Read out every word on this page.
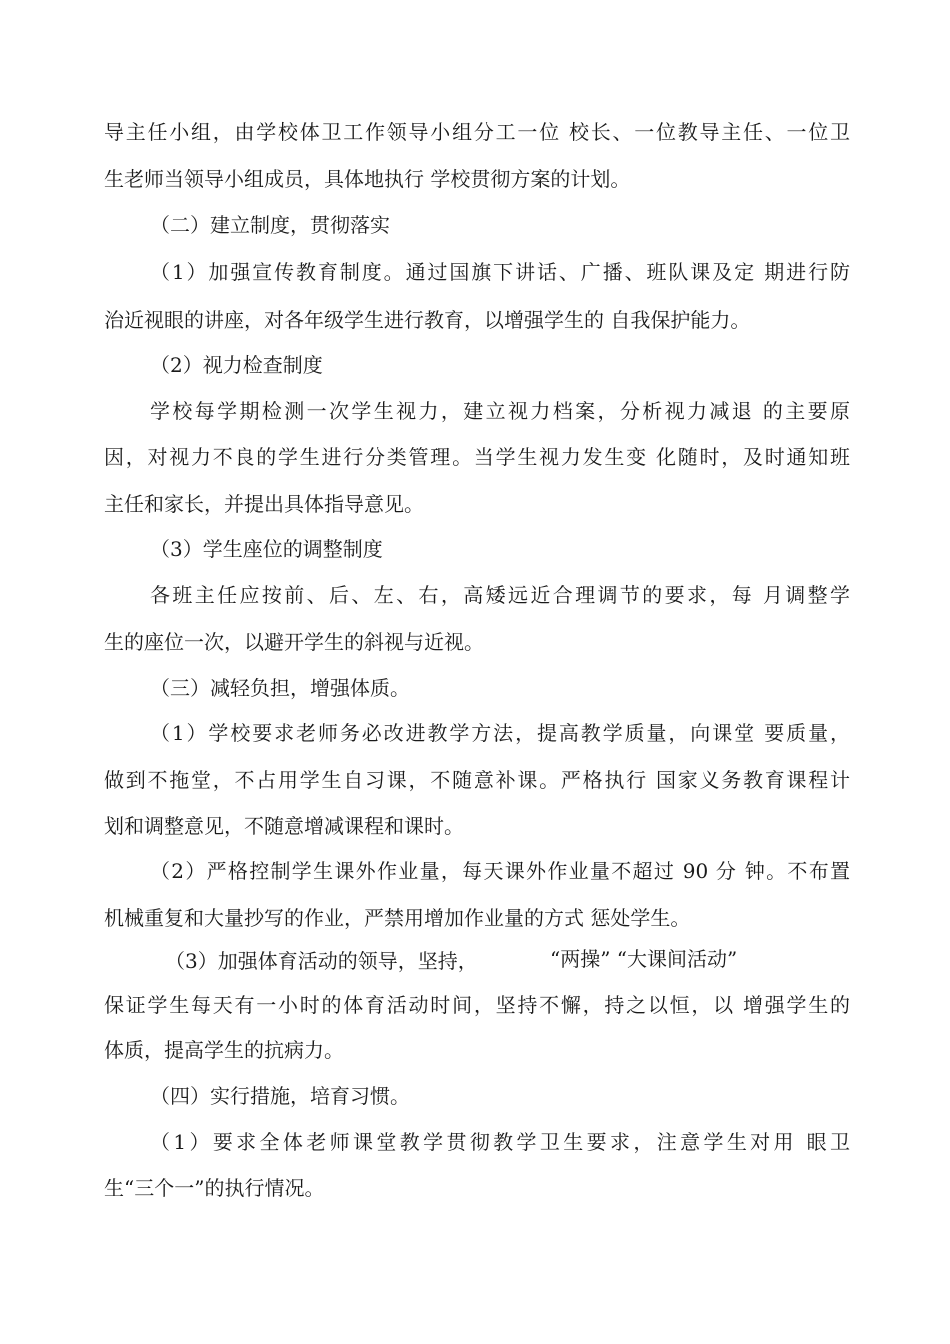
导主任小组，由学校体卫工作领导小组分工一位 校长、一位教导主任、一位卫
生老师当领导小组成员，具体地执行 学校贯彻方案的计划。
（二）建立制度，贯彻落实
（1）加强宣传教育制度。通过国旗下讲话、广播、班队课及定 期进行防
治近视眼的讲座，对各年级学生进行教育，以增强学生的 自我保护能力。
（2）视力检查制度
学校每学期检测一次学生视力，建立视力档案，分析视力减退 的主要原
因，对视力不良的学生进行分类管理。当学生视力发生变 化随时，及时通知班
主任和家长，并提出具体指导意见。
（3）学生座位的调整制度
各班主任应按前、后、左、右，高矮远近合理调节的要求，每 月调整学
生的座位一次，以避开学生的斜视与近视。
（三）减轻负担，增强体质。
（1）学校要求老师务必改进教学方法，提高教学质量，向课堂 要质量，
做到不拖堂，不占用学生自习课，不随意补课。严格执行 国家义务教育课程计
划和调整意见，不随意增减课程和课时。
（2）严格控制学生课外作业量，每天课外作业量不超过 90 分 钟。不布置
机械重复和大量抄写的作业，严禁用增加作业量的方式 惩处学生。
（3）加强体育活动的领导，坚持，	“两操” “大课间活动”
保证学生每天有一小时的体育活动时间，坚持不懈，持之以恒，以 增强学生的
体质，提高学生的抗病力。
（四）实行措施，培育习惯。
（1）要求全体老师课堂教学贯彻教学卫生要求，注意学生对用 眼卫
生“三个一”的执行情况。
